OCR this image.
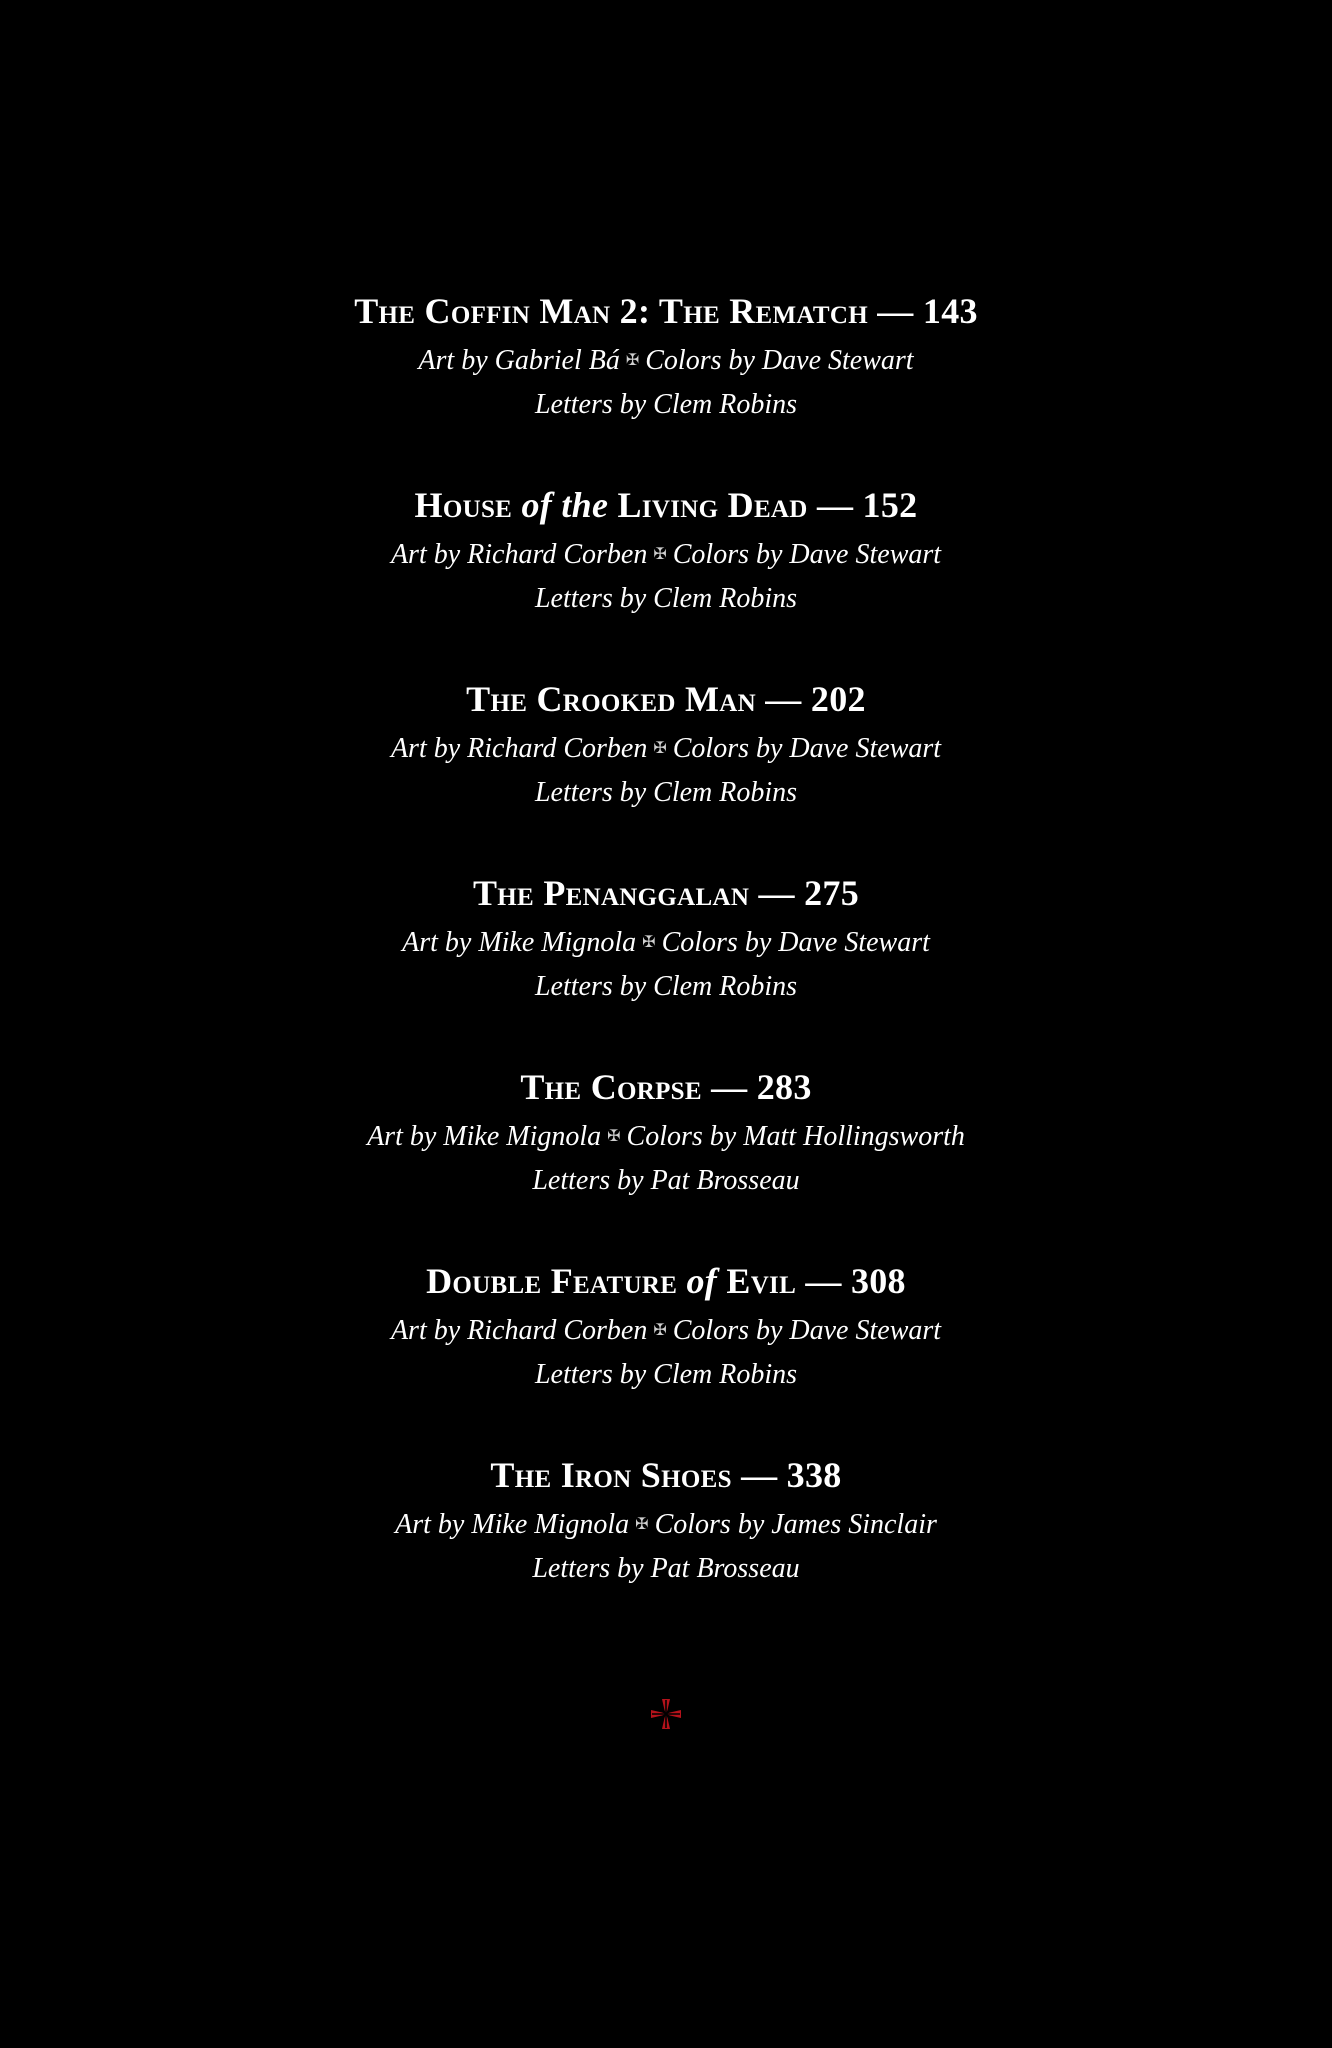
The Coffin Man 2: The Rematch — 143
Art by Gabriel Bá ✠ Colors by Dave Stewart
Letters by Clem Robins
House of the Living Dead — 152
Art by Richard Corben ✠ Colors by Dave Stewart
Letters by Clem Robins
The Crooked Man — 202
Art by Richard Corben ✠ Colors by Dave Stewart
Letters by Clem Robins
The Penanggalan — 275
Art by Mike Mignola ✠ Colors by Dave Stewart
Letters by Clem Robins
The Corpse — 283
Art by Mike Mignola ✠ Colors by Matt Hollingsworth
Letters by Pat Brosseau
Double Feature of Evil — 308
Art by Richard Corben ✠ Colors by Dave Stewart
Letters by Clem Robins
The Iron Shoes — 338
Art by Mike Mignola ✠ Colors by James Sinclair
Letters by Pat Brosseau
